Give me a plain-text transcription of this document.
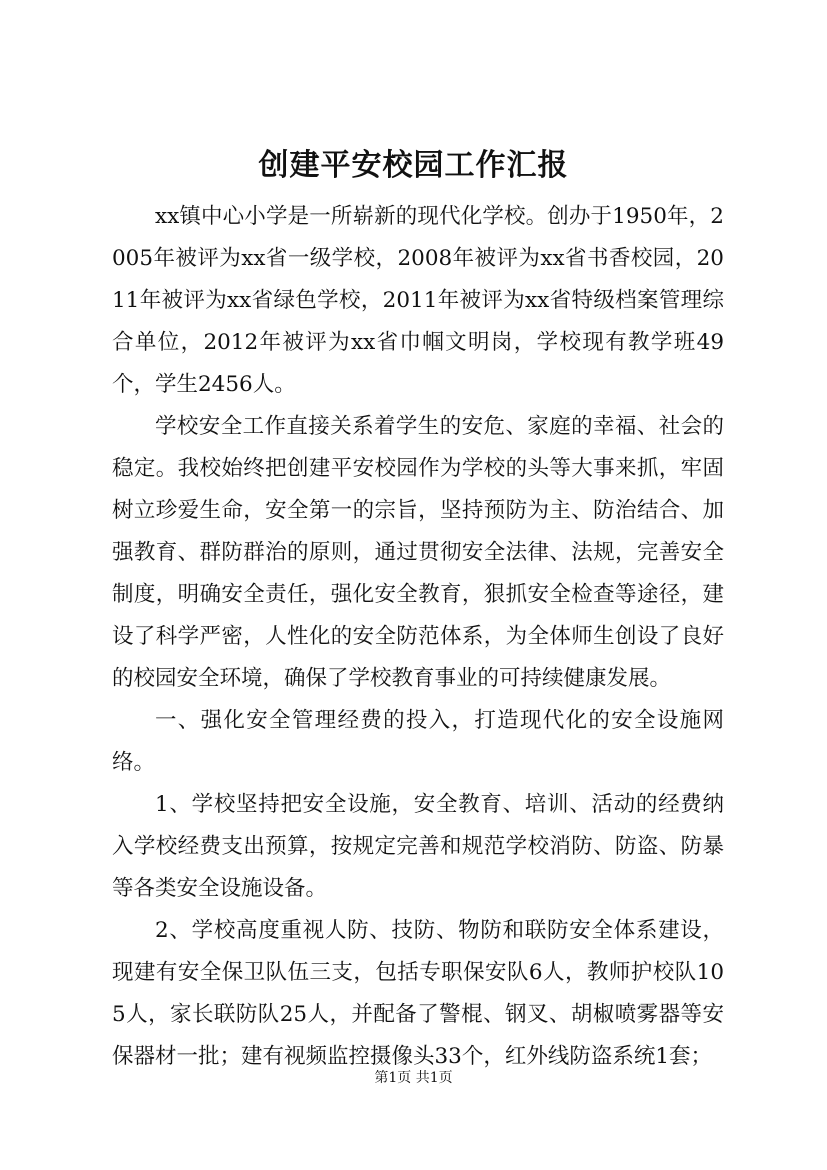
创建平安校园工作汇报

xx镇中心小学是一所崭新的现代化学校。创办于1950年，2005年被评为xx省一级学校，2008年被评为xx省书香校园，2011年被评为xx省绿色学校，2011年被评为xx省特级档案管理综合单位，2012年被评为xx省巾帼文明岗，学校现有教学班49个，学生2456人。

学校安全工作直接关系着学生的安危、家庭的幸福、社会的稳定。我校始终把创建平安校园作为学校的头等大事来抓，牢固树立珍爱生命，安全第一的宗旨，坚持预防为主、防治结合、加强教育、群防群治的原则，通过贯彻安全法律、法规，完善安全制度，明确安全责任，强化安全教育，狠抓安全检查等途径，建设了科学严密，人性化的安全防范体系，为全体师生创设了良好的校园安全环境，确保了学校教育事业的可持续健康发展。

一、强化安全管理经费的投入，打造现代化的安全设施网络。

1、学校坚持把安全设施，安全教育、培训、活动的经费纳入学校经费支出预算，按规定完善和规范学校消防、防盗、防暴等各类安全设施设备。

2、学校高度重视人防、技防、物防和联防安全体系建设，现建有安全保卫队伍三支，包括专职保安队6人，教师护校队105人，家长联防队25人，并配备了警棍、钢叉、胡椒喷雾器等安保器材一批；建有视频监控摄像头33个，红外线防盗系统1套；

第1页 共1页
